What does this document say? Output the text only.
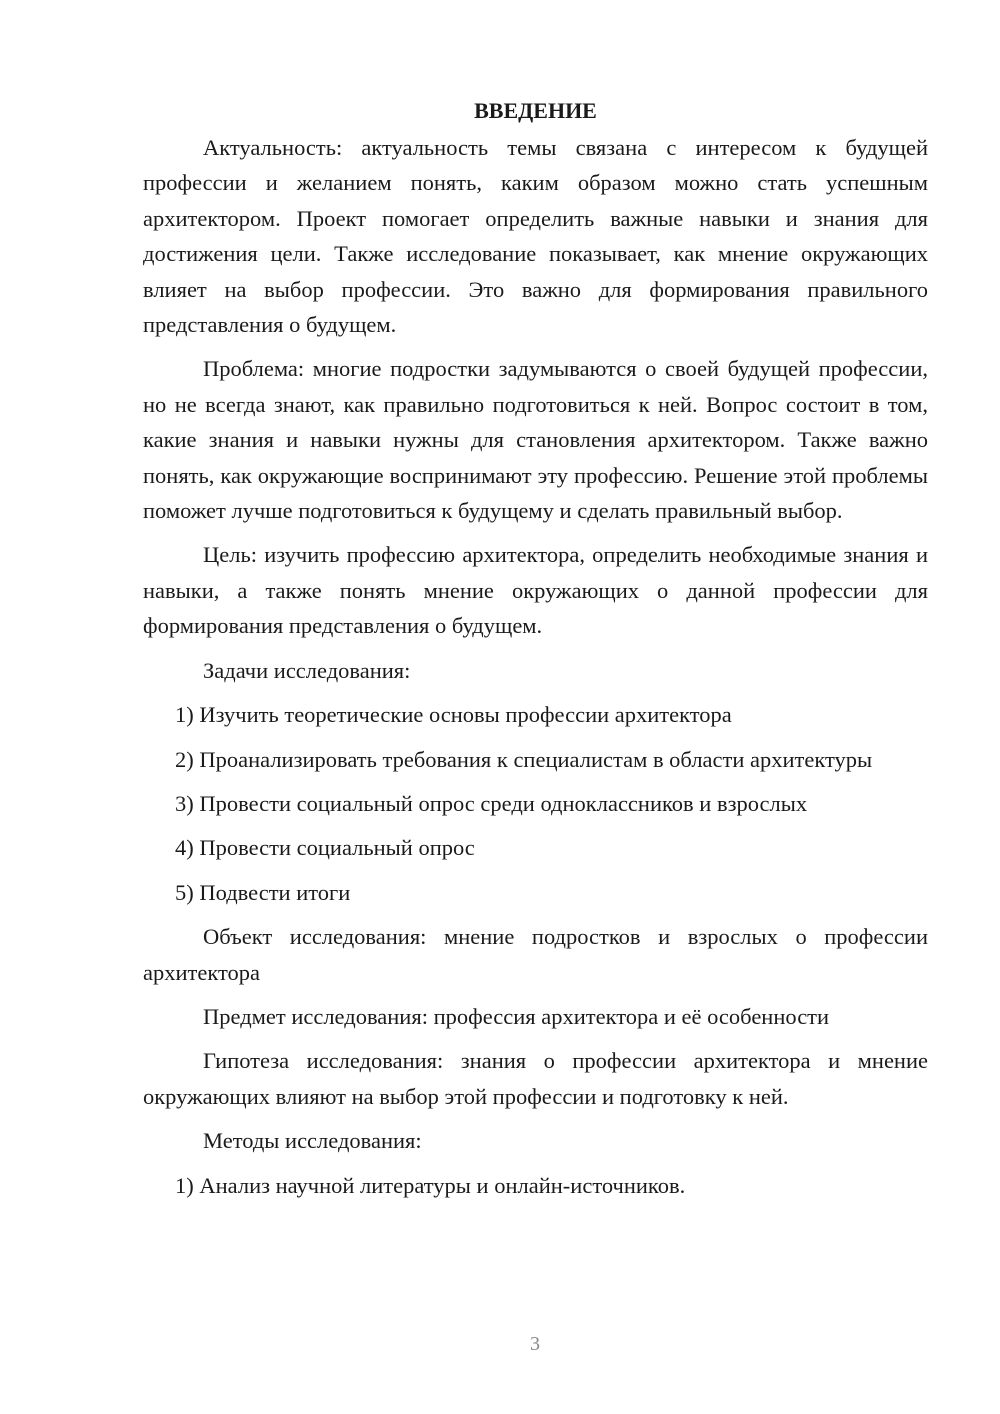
ВВЕДЕНИЕ

Актуальность: актуальность темы связана с интересом к будущей профессии и желанием понять, каким образом можно стать успешным архитектором. Проект помогает определить важные навыки и знания для достижения цели. Также исследование показывает, как мнение окружающих влияет на выбор профессии. Это важно для формирования правильного представления о будущем.

Проблема: многие подростки задумываются о своей будущей профессии, но не всегда знают, как правильно подготовиться к ней. Вопрос состоит в том, какие знания и навыки нужны для становления архитектором. Также важно понять, как окружающие воспринимают эту профессию. Решение этой проблемы поможет лучше подготовиться к будущему и сделать правильный выбор.

Цель: изучить профессию архитектора, определить необходимые знания и навыки, а также понять мнение окружающих о данной профессии для формирования представления о будущем.

Задачи исследования:

1) Изучить теоретические основы профессии архитектора

2) Проанализировать требования к специалистам в области архитектуры

3) Провести социальный опрос среди одноклассников и взрослых

4) Провести социальный опрос

5) Подвести итоги

Объект исследования: мнение подростков и взрослых о профессии архитектора

Предмет исследования: профессия архитектора и её особенности

Гипотеза исследования: знания о профессии архитектора и мнение окружающих влияют на выбор этой профессии и подготовку к ней.

Методы исследования:

1) Анализ научной литературы и онлайн-источников.

3
